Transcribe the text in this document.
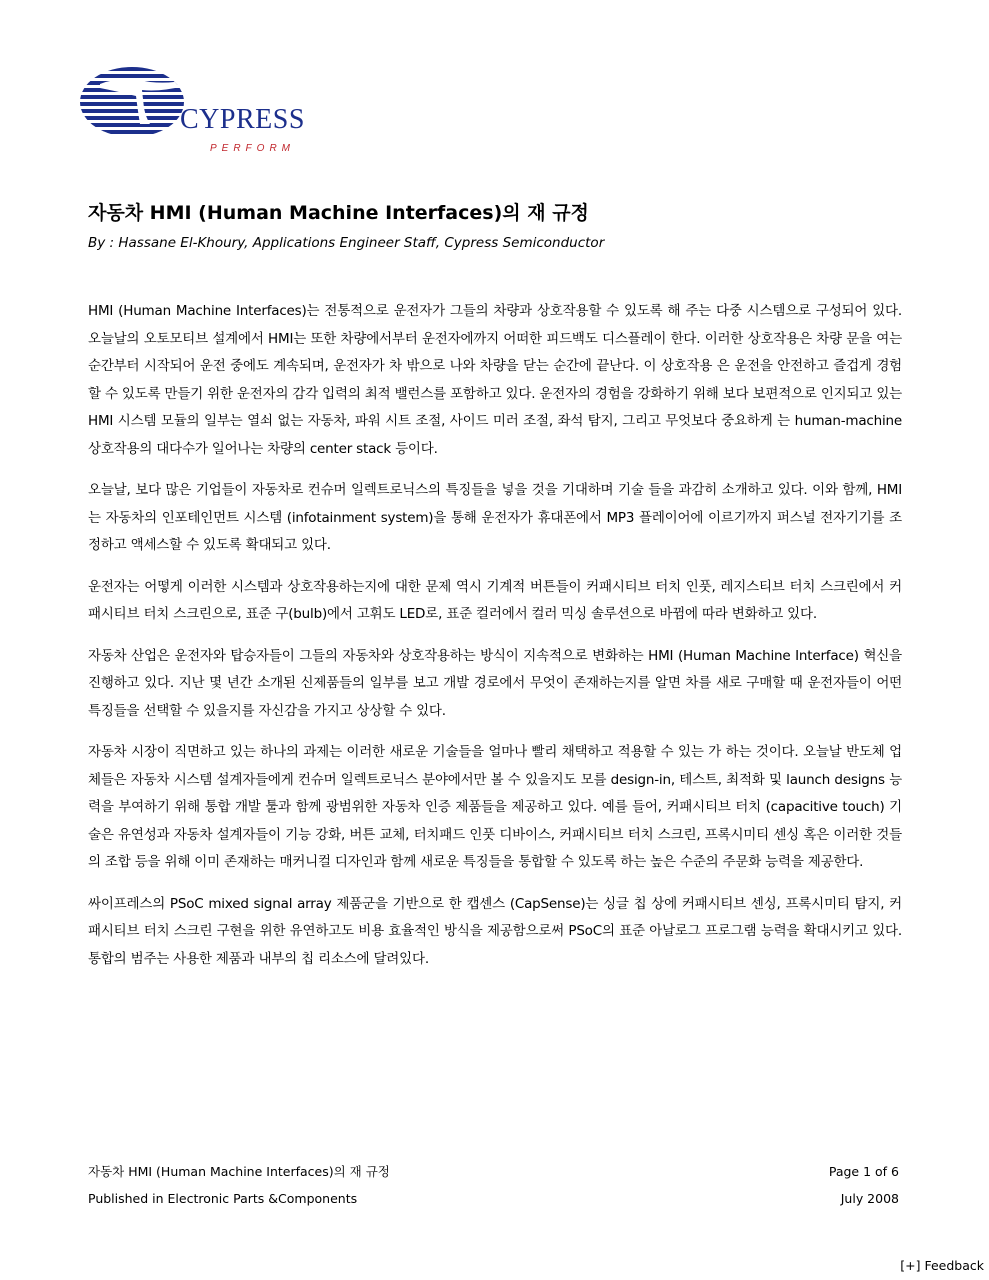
CYPRESS
PERFORM
자동차 HMI (Human Machine Interfaces)의 재 규정

By : Hassane El-Khoury, Applications Engineer Staff, Cypress Semiconductor

HMI (Human Machine Interfaces)는 전통적으로 운전자가 그들의 차량과 상호작용할 수 있도록 해 주는 다중 시스템으로 구성되어 있다. 오늘날의 오토모티브 설계에서 HMI는 또한 차량에서부터 운전자에까지 어떠한 피드백도 디스플레이 한다. 이러한 상호작용은 차량 문을 여는 순간부터 시작되어 운전 중에도 계속되며, 운전자가 차 밖으로 나와 차량을 닫는 순간에 끝난다. 이 상호작용 은 운전을 안전하고 즐겁게 경험할 수 있도록 만들기 위한 운전자의 감각 입력의 최적 밸런스를 포함하고 있다. 운전자의 경험을 강화하기 위해 보다 보편적으로 인지되고 있는 HMI 시스템 모듈의 일부는 열쇠 없는 자동차, 파워 시트 조절, 사이드 미러 조절, 좌석 탐지, 그리고 무엇보다 중요하게 는 human-machine 상호작용의 대다수가 일어나는 차량의 center stack 등이다.

오늘날, 보다 많은 기업들이 자동차로 컨슈머 일렉트로닉스의 특징들을 넣을 것을 기대하며 기술 들을 과감히 소개하고 있다. 이와 함께, HMI는 자동차의 인포테인먼트 시스템 (infotainment system)을 통해 운전자가 휴대폰에서 MP3 플레이어에 이르기까지 퍼스널 전자기기를 조정하고 액세스할 수 있도록 확대되고 있다.

운전자는 어떻게 이러한 시스템과 상호작용하는지에 대한 문제 역시 기계적 버튼들이 커패시티브 터치 인풋, 레지스티브 터치 스크린에서 커패시티브 터치 스크린으로, 표준 구(bulb)에서 고휘도 LED로, 표준 컬러에서 컬러 믹싱 솔루션으로 바뀜에 따라 변화하고 있다.

자동차 산업은 운전자와 탑승자들이 그들의 자동차와 상호작용하는 방식이 지속적으로 변화하는 HMI (Human Machine Interface) 혁신을 진행하고 있다. 지난 몇 년간 소개된 신제품들의 일부를 보고 개발 경로에서 무엇이 존재하는지를 알면 차를 새로 구매할 때 운전자들이 어떤 특징들을 선택할 수 있을지를 자신감을 가지고 상상할 수 있다.

자동차 시장이 직면하고 있는 하나의 과제는 이러한 새로운 기술들을 얼마나 빨리 채택하고 적용할 수 있는 가 하는 것이다. 오늘날 반도체 업체들은 자동차 시스템 설계자들에게 컨슈머 일렉트로닉스 분야에서만 볼 수 있을지도 모를 design-in, 테스트, 최적화 및 launch designs 능력을 부여하기 위해 통합 개발 툴과 함께 광범위한 자동차 인증 제품들을 제공하고 있다. 예를 들어, 커패시티브 터치 (capacitive touch) 기술은 유연성과 자동차 설계자들이 기능 강화, 버튼 교체, 터치패드 인풋 디바이스, 커패시티브 터치 스크린, 프록시미티 센싱 혹은 이러한 것들의 조합 등을 위해 이미 존재하는 매커니컬 디자인과 함께 새로운 특징들을 통합할 수 있도록 하는 높은 수준의 주문화 능력을 제공한다.

싸이프레스의 PSoC mixed signal array 제품군을 기반으로 한 캡센스 (CapSense)는 싱글 칩 상에 커패시티브 센싱, 프록시미티 탐지, 커패시티브 터치 스크린 구현을 위한 유연하고도 비용 효율적인 방식을 제공함으로써 PSoC의 표준 아날로그 프로그램 능력을 확대시키고 있다. 통합의 범주는 사용한 제품과 내부의 칩 리소스에 달려있다.

자동차 HMI (Human Machine Interfaces)의 재 규정	Page 1 of 6
Published in Electronic Parts &Components	July 2008
[+] Feedback
